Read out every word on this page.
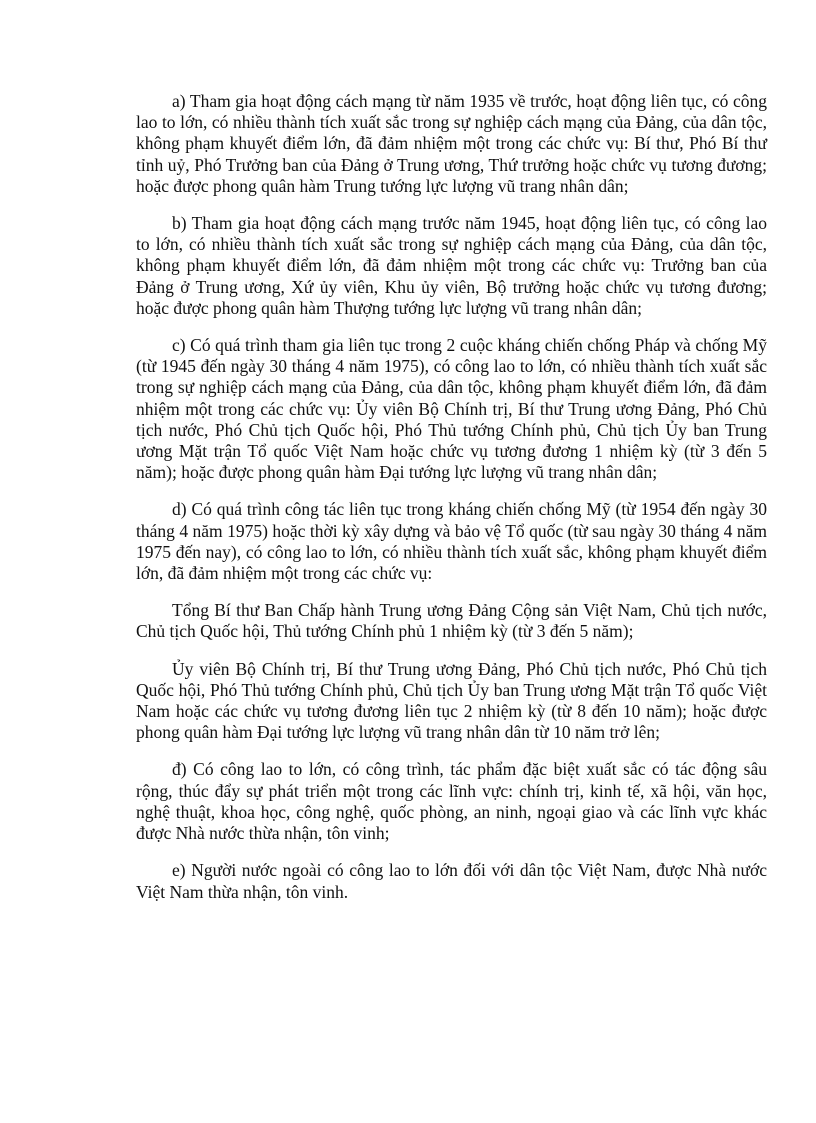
a) Tham gia hoạt động cách mạng từ năm 1935 về trước, hoạt động liên tục, có công lao to lớn, có nhiều thành tích xuất sắc trong sự nghiệp cách mạng của Đảng, của dân tộc, không phạm khuyết điểm lớn, đã đảm nhiệm một trong các chức vụ: Bí thư, Phó Bí thư tỉnh uỷ, Phó Trưởng ban của Đảng ở Trung ương, Thứ trưởng hoặc chức vụ tương đương; hoặc được phong quân hàm Trung tướng lực lượng vũ trang nhân dân;

b) Tham gia hoạt động cách mạng trước năm 1945, hoạt động liên tục, có công lao to lớn, có nhiều thành tích xuất sắc trong sự nghiệp cách mạng của Đảng, của dân tộc, không phạm khuyết điểm lớn, đã đảm nhiệm một trong các chức vụ: Trưởng ban của Đảng ở Trung ương, Xứ ủy viên, Khu ủy viên, Bộ trưởng hoặc chức vụ tương đương; hoặc được phong quân hàm Thượng tướng lực lượng vũ trang nhân dân;

c) Có quá trình tham gia liên tục trong 2 cuộc kháng chiến chống Pháp và chống Mỹ (từ 1945 đến ngày 30 tháng 4 năm 1975), có công lao to lớn, có nhiều thành tích xuất sắc trong sự nghiệp cách mạng của Đảng, của dân tộc, không phạm khuyết điểm lớn, đã đảm nhiệm một trong các chức vụ: Ủy viên Bộ Chính trị, Bí thư Trung ương Đảng, Phó Chủ tịch nước, Phó Chủ tịch Quốc hội, Phó Thủ tướng Chính phủ, Chủ tịch Ủy ban Trung ương Mặt trận Tổ quốc Việt Nam hoặc chức vụ tương đương 1 nhiệm kỳ (từ 3 đến 5 năm); hoặc được phong quân hàm Đại tướng lực lượng vũ trang nhân dân;

d) Có quá trình công tác liên tục trong kháng chiến chống Mỹ (từ 1954 đến ngày 30 tháng 4 năm 1975) hoặc thời kỳ xây dựng và bảo vệ Tổ quốc (từ sau ngày 30 tháng 4 năm 1975 đến nay), có công lao to lớn, có nhiều thành tích xuất sắc, không phạm khuyết điểm lớn, đã đảm nhiệm một trong các chức vụ:

Tổng Bí thư Ban Chấp hành Trung ương Đảng Cộng sản Việt Nam, Chủ tịch nước, Chủ tịch Quốc hội, Thủ tướng Chính phủ 1 nhiệm kỳ (từ 3 đến 5 năm);

Ủy viên Bộ Chính trị, Bí thư Trung ương Đảng, Phó Chủ tịch nước, Phó Chủ tịch Quốc hội, Phó Thủ tướng Chính phủ, Chủ tịch Ủy ban Trung ương Mặt trận Tổ quốc Việt Nam hoặc các chức vụ tương đương liên tục 2 nhiệm kỳ (từ 8 đến 10 năm); hoặc được phong quân hàm Đại tướng lực lượng vũ trang nhân dân từ 10 năm trở lên;

đ) Có công lao to lớn, có công trình, tác phẩm đặc biệt xuất sắc có tác động sâu rộng, thúc đẩy sự phát triển một trong các lĩnh vực: chính trị, kinh tế, xã hội, văn học, nghệ thuật, khoa học, công nghệ, quốc phòng, an ninh, ngoại giao và các lĩnh vực khác được Nhà nước thừa nhận, tôn vinh;

e) Người nước ngoài có công lao to lớn đối với dân tộc Việt Nam, được Nhà nước Việt Nam thừa nhận, tôn vinh.
